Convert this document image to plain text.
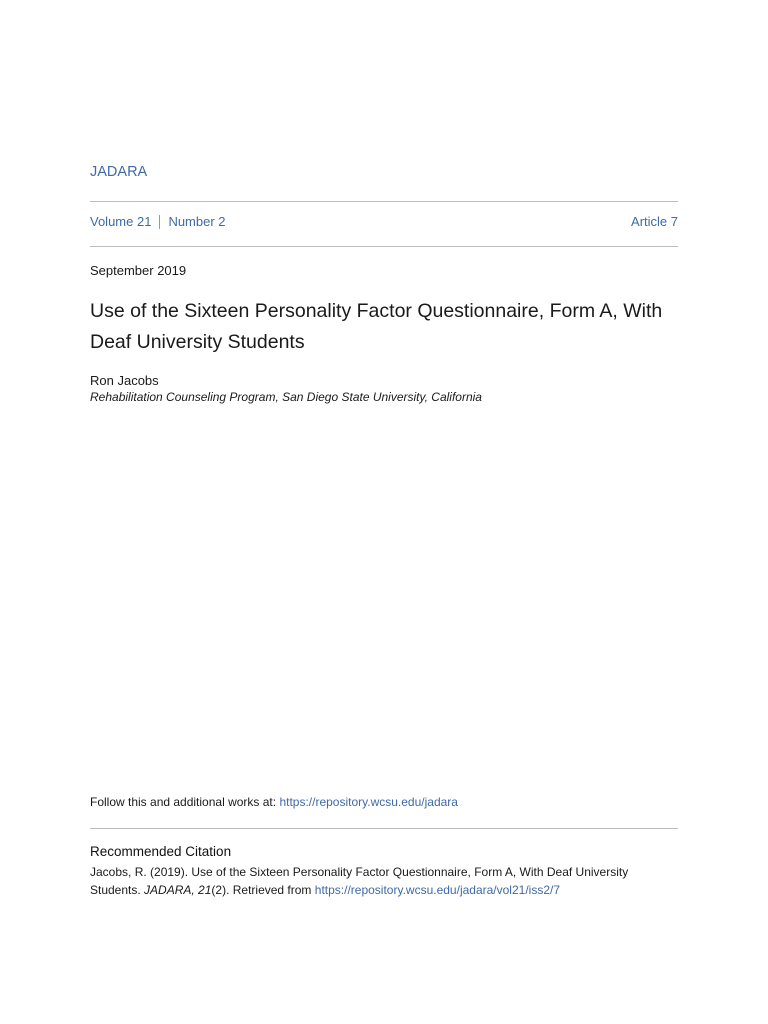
JADARA
Volume 21 Number 2	Article 7
September 2019
Use of the Sixteen Personality Factor Questionnaire, Form A, With Deaf University Students
Ron Jacobs
Rehabilitation Counseling Program, San Diego State University, California
Follow this and additional works at: https://repository.wcsu.edu/jadara
Recommended Citation
Jacobs, R. (2019). Use of the Sixteen Personality Factor Questionnaire, Form A, With Deaf University Students. JADARA, 21(2). Retrieved from https://repository.wcsu.edu/jadara/vol21/iss2/7
